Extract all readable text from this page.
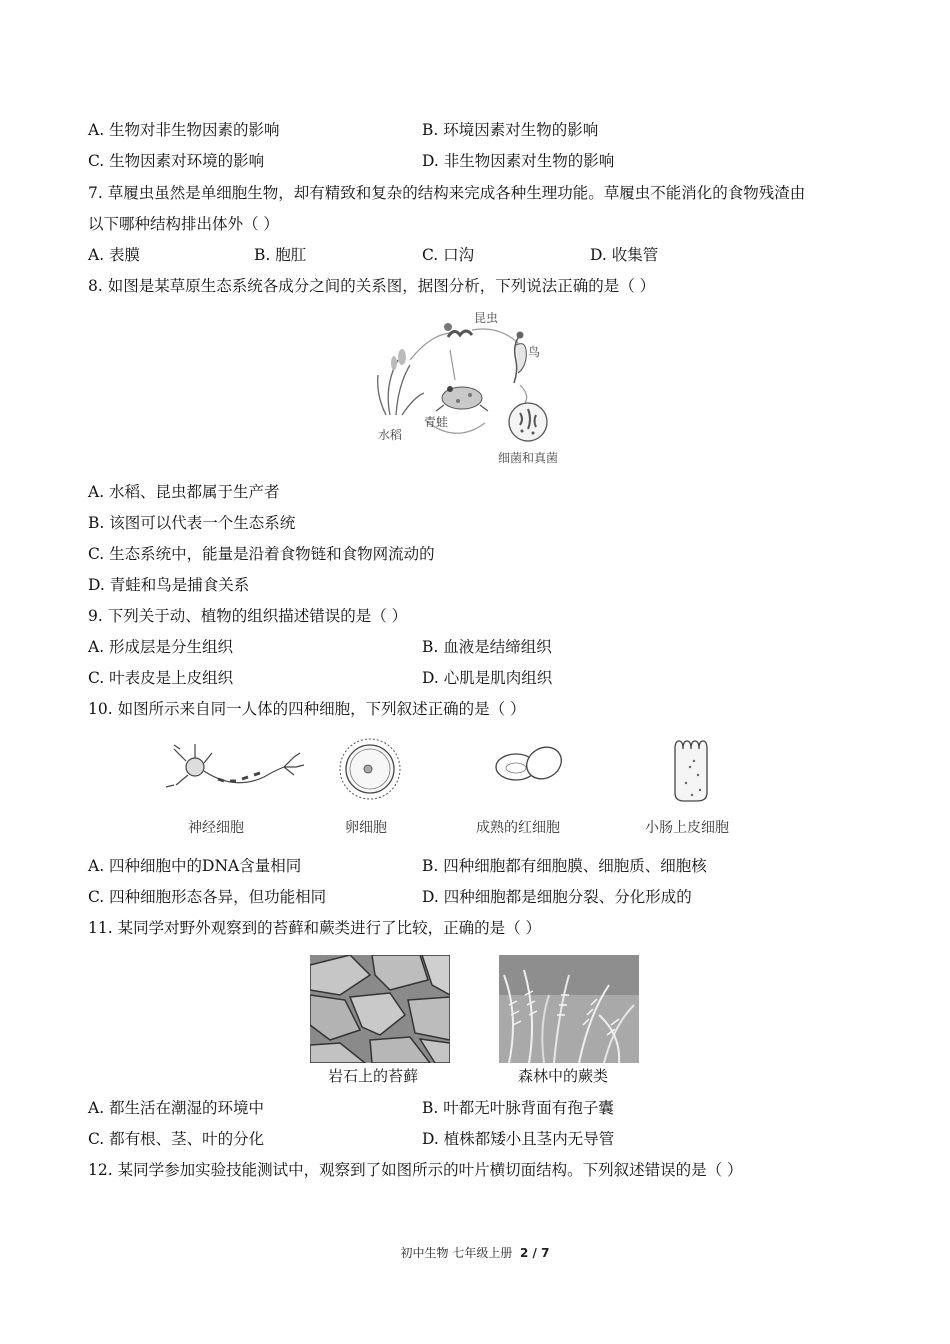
A. 生物对非生物因素的影响	B. 环境因素对生物的影响
C. 生物因素对环境的影响	D. 非生物因素对生物的影响
7. 草履虫虽然是单细胞生物，却有精致和复杂的结构来完成各种生理功能。草履虫不能消化的食物残渣由
以下哪种结构排出体外（ ）
A. 表膜	B. 胞肛	C. 口沟	D. 收集管
8. 如图是某草原生态系统各成分之间的关系图，据图分析，下列说法正确的是（ ）
昆虫
鸟
青蛙
水稻
细菌和真菌
A. 水稻、昆虫都属于生产者
B. 该图可以代表一个生态系统
C. 生态系统中，能量是沿着食物链和食物网流动的
D. 青蛙和鸟是捕食关系
9. 下列关于动、植物的组织描述错误的是（ ）
A. 形成层是分生组织	B. 血液是结缔组织
C. 叶表皮是上皮组织	D. 心肌是肌肉组织
10. 如图所示来自同一人体的四种细胞，下列叙述正确的是（ ）
神经细胞	卵细胞	成熟的红细胞	小肠上皮细胞
A. 四种细胞中的DNA含量相同	B. 四种细胞都有细胞膜、细胞质、细胞核
C. 四种细胞形态各异，但功能相同	D. 四种细胞都是细胞分裂、分化形成的
11. 某同学对野外观察到的苔藓和蕨类进行了比较，正确的是（ ）
岩石上的苔藓	森林中的蕨类
A. 都生活在潮湿的环境中	B. 叶都无叶脉背面有孢子囊
C. 都有根、茎、叶的分化	D. 植株都矮小且茎内无导管
12. 某同学参加实验技能测试中，观察到了如图所示的叶片横切面结构。下列叙述错误的是（ ）
初中生物 七年级上册 2 / 7
